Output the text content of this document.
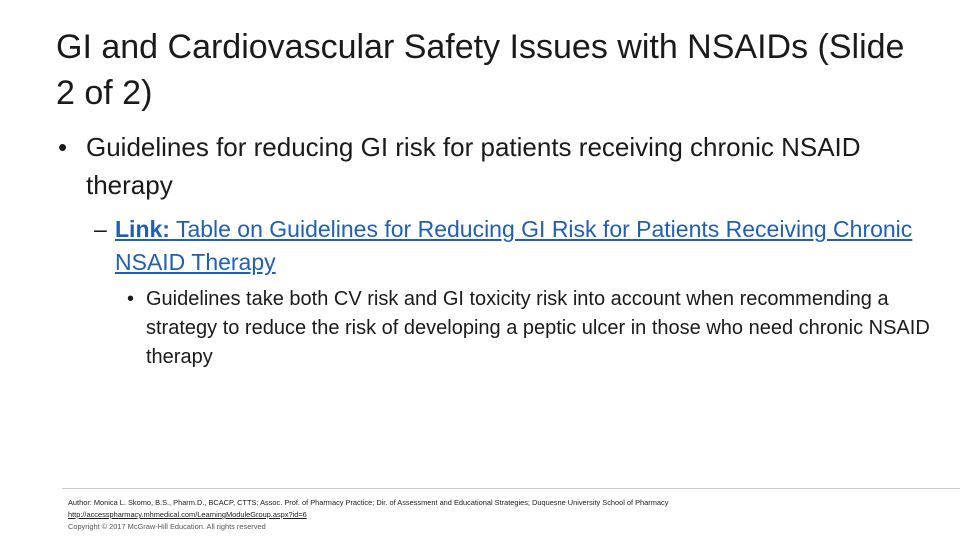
GI and Cardiovascular Safety Issues with NSAIDs (Slide 2 of 2)
• Guidelines for reducing GI risk for patients receiving chronic NSAID therapy
– Link: Table on Guidelines for Reducing GI Risk for Patients Receiving Chronic NSAID Therapy
• Guidelines take both CV risk and GI toxicity risk into account when recommending a strategy to reduce the risk of developing a peptic ulcer in those who need chronic NSAID therapy
Author: Monica L. Skomo, B.S., Pharm.D., BCACP, CTTS; Assoc. Prof. of Pharmacy Practice; Dir. of Assessment and Educational Strategies; Duquesne University School of Pharmacy
http://accesspharmacy.mhmedical.com/LearningModuleGroup.aspx?id=6
Copyright © 2017 McGraw-Hill Education. All rights reserved
